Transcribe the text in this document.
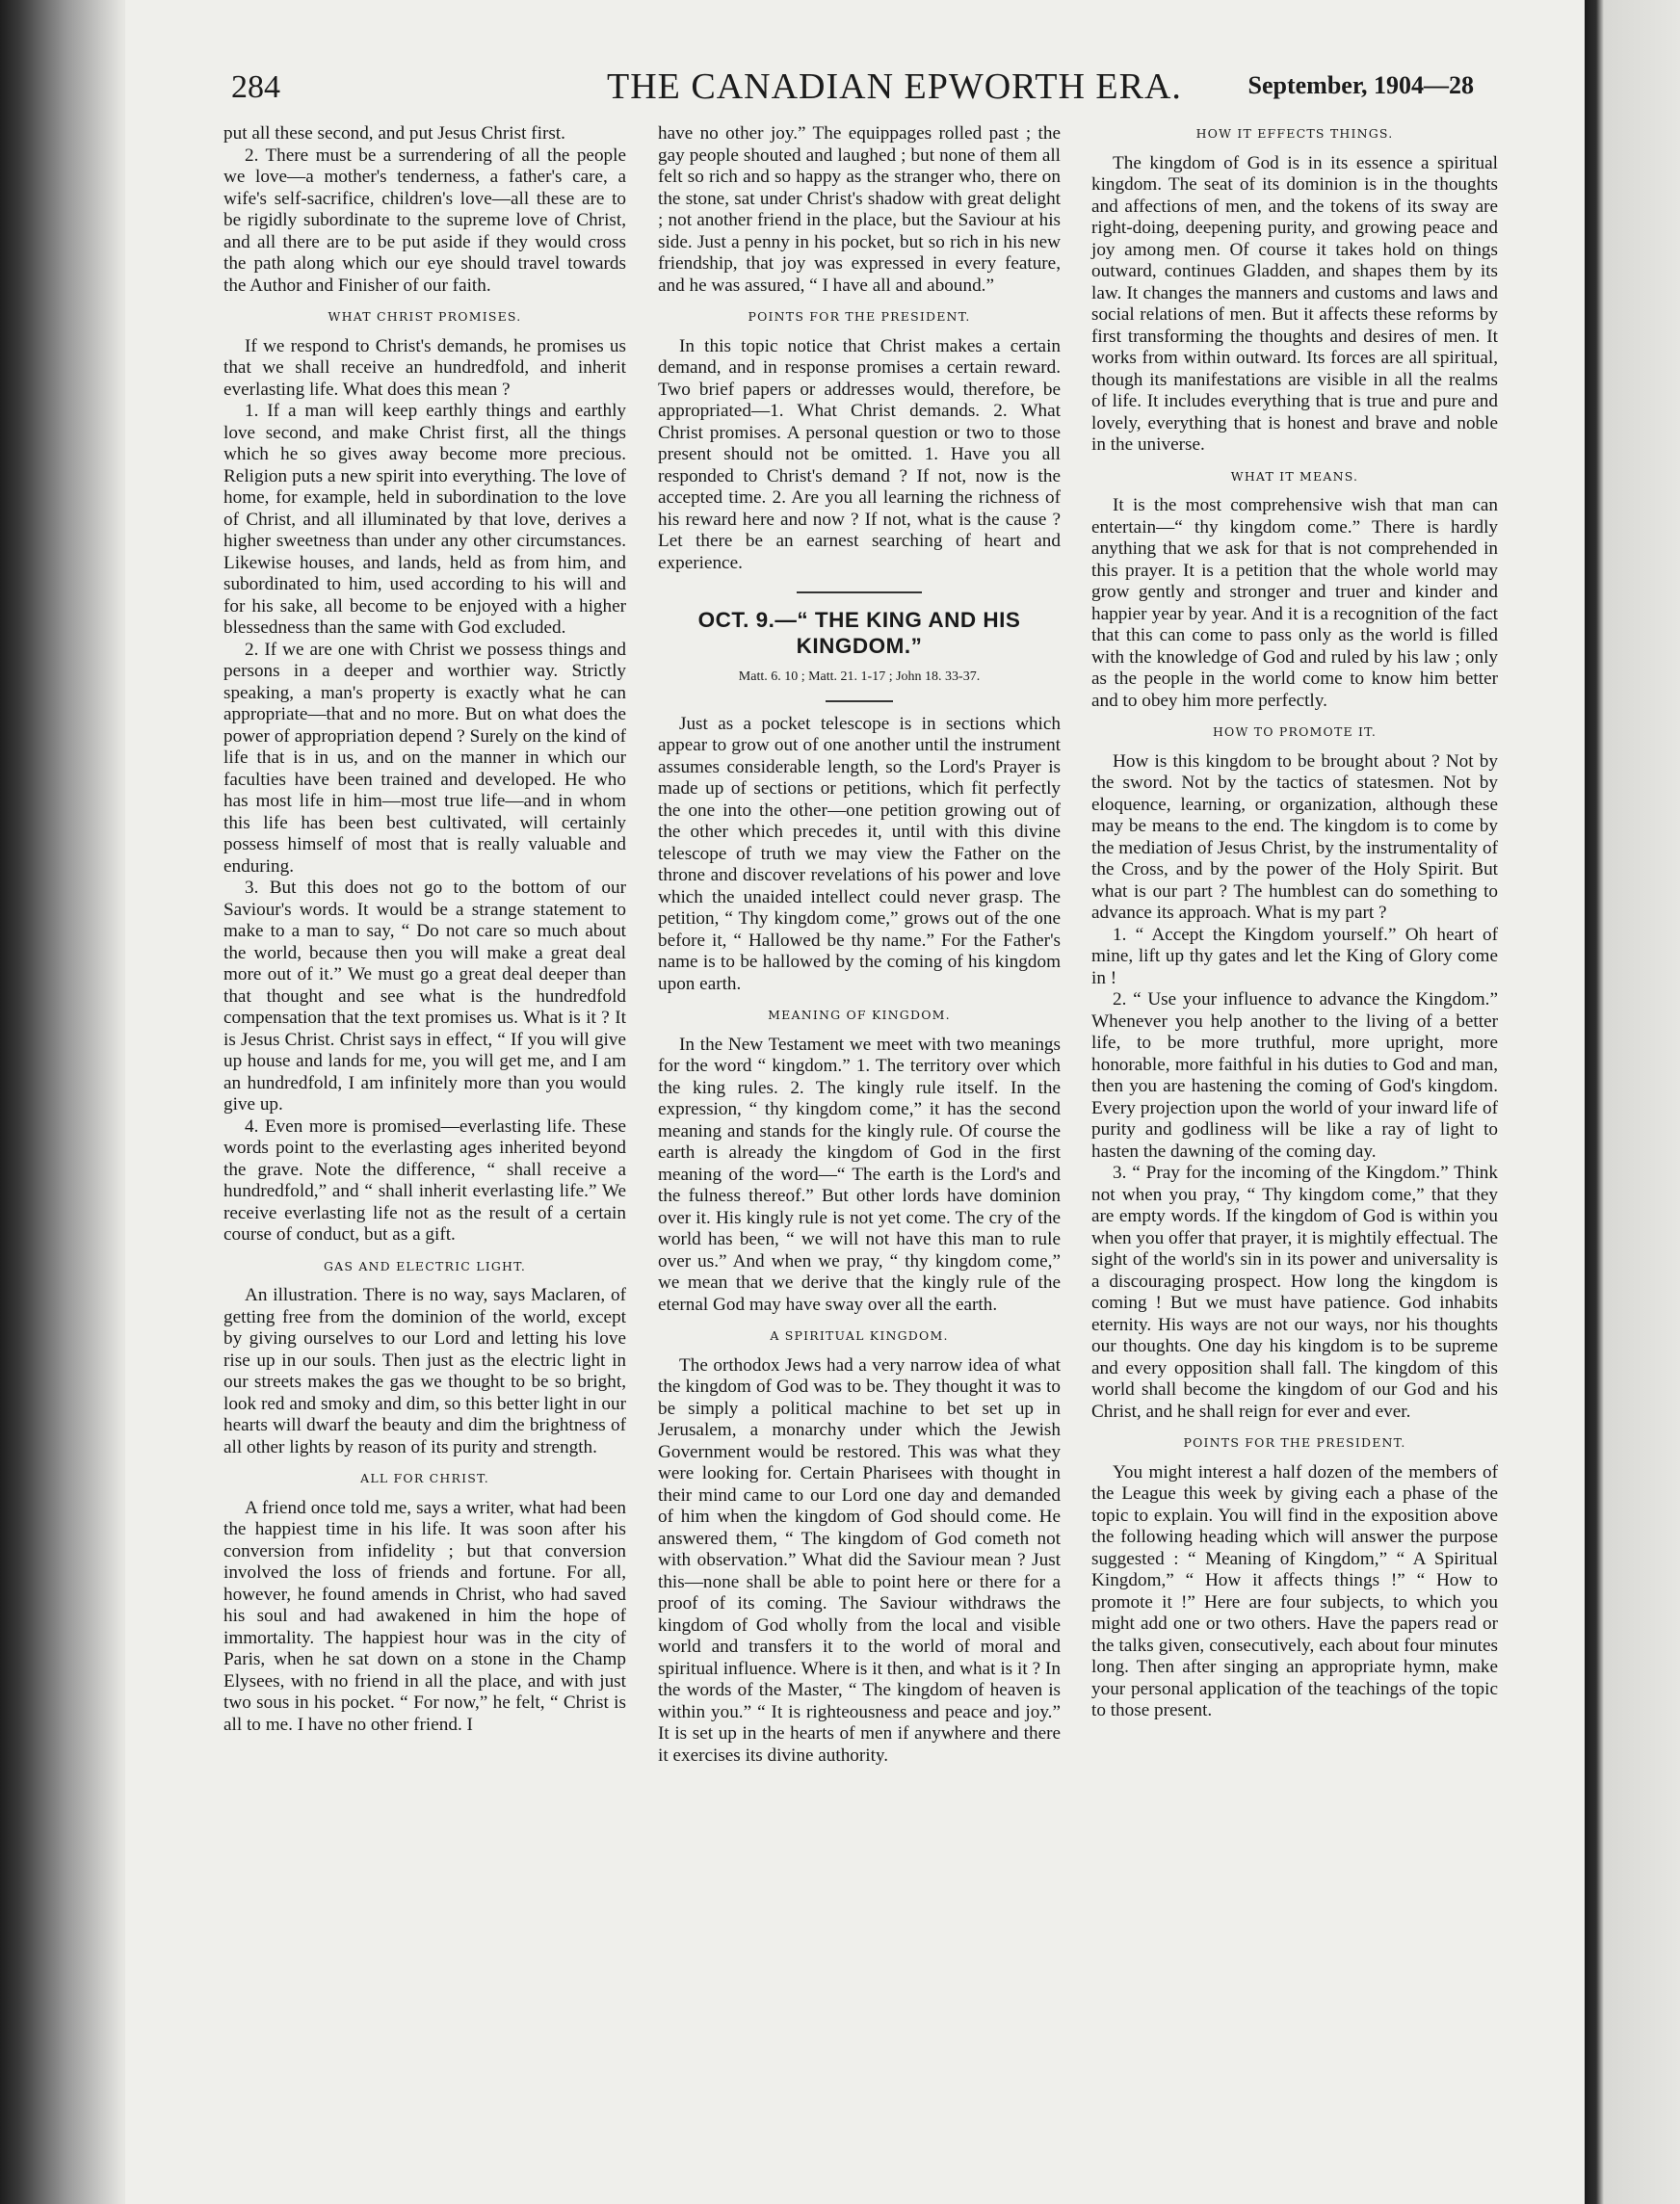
284	THE CANADIAN EPWORTH ERA.	September, 1904—28

put all these second, and put Jesus Christ first.

2. There must be a surrendering of all the people we love—a mother's tenderness, a father's care, a wife's self-sacrifice, children's love—all these are to be rigidly subordinate to the supreme love of Christ, and all there are to be put aside if they would cross the path along which our eye should travel towards the Author and Finisher of our faith.

WHAT CHRIST PROMISES.

If we respond to Christ's demands, he promises us that we shall receive an hundredfold, and inherit everlasting life. What does this mean ?

1. If a man will keep earthly things and earthly love second, and make Christ first, all the things which he so gives away become more precious. Religion puts a new spirit into everything. The love of home, for example, held in subordination to the love of Christ, and all illuminated by that love, derives a higher sweetness than under any other circumstances. Likewise houses, and lands, held as from him, and subordinated to him, used according to his will and for his sake, all become to be enjoyed with a higher blessedness than the same with God excluded.

2. If we are one with Christ we possess things and persons in a deeper and worthier way. Strictly speaking, a man's property is exactly what he can appropriate—that and no more. But on what does the power of appropriation depend ? Surely on the kind of life that is in us, and on the manner in which our faculties have been trained and developed. He who has most life in him—most true life—and in whom this life has been best cultivated, will certainly possess himself of most that is really valuable and enduring.

3. But this does not go to the bottom of our Saviour's words. It would be a strange statement to make to a man to say, “ Do not care so much about the world, because then you will make a great deal more out of it.” We must go a great deal deeper than that thought and see what is the hundredfold compensation that the text promises us. What is it ? It is Jesus Christ. Christ says in effect, “ If you will give up house and lands for me, you will get me, and I am an hundredfold, I am infinitely more than you would give up.

4. Even more is promised—everlasting life. These words point to the everlasting ages inherited beyond the grave. Note the difference, “ shall receive a hundredfold,” and “ shall inherit everlasting life.” We receive everlasting life not as the result of a certain course of conduct, but as a gift.

GAS AND ELECTRIC LIGHT.

An illustration. There is no way, says Maclaren, of getting free from the dominion of the world, except by giving ourselves to our Lord and letting his love rise up in our souls. Then just as the electric light in our streets makes the gas we thought to be so bright, look red and smoky and dim, so this better light in our hearts will dwarf the beauty and dim the brightness of all other lights by reason of its purity and strength.

ALL FOR CHRIST.

A friend once told me, says a writer, what had been the happiest time in his life. It was soon after his conversion from infidelity ; but that conversion involved the loss of friends and fortune. For all, however, he found amends in Christ, who had saved his soul and had awakened in him the hope of immortality. The happiest hour was in the city of Paris, when he sat down on a stone in the Champ Elysees, with no friend in all the place, and with just two sous in his pocket. “ For now,” he felt, “ Christ is all to me. I have no other friend. I

have no other joy.” The equippages rolled past ; the gay people shouted and laughed ; but none of them all felt so rich and so happy as the stranger who, there on the stone, sat under Christ's shadow with great delight ; not another friend in the place, but the Saviour at his side. Just a penny in his pocket, but so rich in his new friendship, that joy was expressed in every feature, and he was assured, “ I have all and abound.”

POINTS FOR THE PRESIDENT.

In this topic notice that Christ makes a certain demand, and in response promises a certain reward. Two brief papers or addresses would, therefore, be appropriated—1. What Christ demands. 2. What Christ promises. A personal question or two to those present should not be omitted. 1. Have you all responded to Christ's demand ? If not, now is the accepted time. 2. Are you all learning the richness of his reward here and now ? If not, what is the cause ? Let there be an earnest searching of heart and experience.

OCT. 9.—“ THE KING AND HIS KINGDOM.”
Matt. 6. 10 ; Matt. 21. 1-17 ; John 18. 33-37.

Just as a pocket telescope is in sections which appear to grow out of one another until the instrument assumes considerable length, so the Lord's Prayer is made up of sections or petitions, which fit perfectly the one into the other—one petition growing out of the other which precedes it, until with this divine telescope of truth we may view the Father on the throne and discover revelations of his power and love which the unaided intellect could never grasp. The petition, “ Thy kingdom come,” grows out of the one before it, “ Hallowed be thy name.” For the Father's name is to be hallowed by the coming of his kingdom upon earth.

MEANING OF KINGDOM.

In the New Testament we meet with two meanings for the word “ kingdom.” 1. The territory over which the king rules. 2. The kingly rule itself. In the expression, “ thy kingdom come,” it has the second meaning and stands for the kingly rule. Of course the earth is already the kingdom of God in the first meaning of the word—“ The earth is the Lord's and the fulness thereof.” But other lords have dominion over it. His kingly rule is not yet come. The cry of the world has been, “ we will not have this man to rule over us.” And when we pray, “ thy kingdom come,” we mean that we derive that the kingly rule of the eternal God may have sway over all the earth.

A SPIRITUAL KINGDOM.

The orthodox Jews had a very narrow idea of what the kingdom of God was to be. They thought it was to be simply a political machine to bet set up in Jerusalem, a monarchy under which the Jewish Government would be restored. This was what they were looking for. Certain Pharisees with thought in their mind came to our Lord one day and demanded of him when the kingdom of God should come. He answered them, “ The kingdom of God cometh not with observation.” What did the Saviour mean ? Just this—none shall be able to point here or there for a proof of its coming. The Saviour withdraws the kingdom of God wholly from the local and visible world and transfers it to the world of moral and spiritual influence. Where is it then, and what is it ? In the words of the Master, “ The kingdom of heaven is within you.” “ It is righteousness and peace and joy.” It is set up in the hearts of men if anywhere and there it exercises its divine authority.

HOW IT EFFECTS THINGS.

The kingdom of God is in its essence a spiritual kingdom. The seat of its dominion is in the thoughts and affections of men, and the tokens of its sway are right-doing, deepening purity, and growing peace and joy among men. Of course it takes hold on things outward, continues Gladden, and shapes them by its law. It changes the manners and customs and laws and social relations of men. But it affects these reforms by first transforming the thoughts and desires of men. It works from within outward. Its forces are all spiritual, though its manifestations are visible in all the realms of life. It includes everything that is true and pure and lovely, everything that is honest and brave and noble in the universe.

WHAT IT MEANS.

It is the most comprehensive wish that man can entertain—“ thy kingdom come.” There is hardly anything that we ask for that is not comprehended in this prayer. It is a petition that the whole world may grow gently and stronger and truer and kinder and happier year by year. And it is a recognition of the fact that this can come to pass only as the world is filled with the knowledge of God and ruled by his law ; only as the people in the world come to know him better and to obey him more perfectly.

HOW TO PROMOTE IT.

How is this kingdom to be brought about ? Not by the sword. Not by the tactics of statesmen. Not by eloquence, learning, or organization, although these may be means to the end. The kingdom is to come by the mediation of Jesus Christ, by the instrumentality of the Cross, and by the power of the Holy Spirit. But what is our part ? The humblest can do something to advance its approach. What is my part ?

1. “ Accept the Kingdom yourself.” Oh heart of mine, lift up thy gates and let the King of Glory come in !

2. “ Use your influence to advance the Kingdom.” Whenever you help another to the living of a better life, to be more truthful, more upright, more honorable, more faithful in his duties to God and man, then you are hastening the coming of God's kingdom. Every projection upon the world of your inward life of purity and godliness will be like a ray of light to hasten the dawning of the coming day.

3. “ Pray for the incoming of the Kingdom.” Think not when you pray, “ Thy kingdom come,” that they are empty words. If the kingdom of God is within you when you offer that prayer, it is mightily effectual. The sight of the world's sin in its power and universality is a discouraging prospect. How long the kingdom is coming ! But we must have patience. God inhabits eternity. His ways are not our ways, nor his thoughts our thoughts. One day his kingdom is to be supreme and every opposition shall fall. The kingdom of this world shall become the kingdom of our God and his Christ, and he shall reign for ever and ever.

POINTS FOR THE PRESIDENT.

You might interest a half dozen of the members of the League this week by giving each a phase of the topic to explain. You will find in the exposition above the following heading which will answer the purpose suggested : “ Meaning of Kingdom,” “ A Spiritual Kingdom,” “ How it affects things !” “ How to promote it !” Here are four subjects, to which you might add one or two others. Have the papers read or the talks given, consecutively, each about four minutes long. Then after singing an appropriate hymn, make your personal application of the teachings of the topic to those present.
